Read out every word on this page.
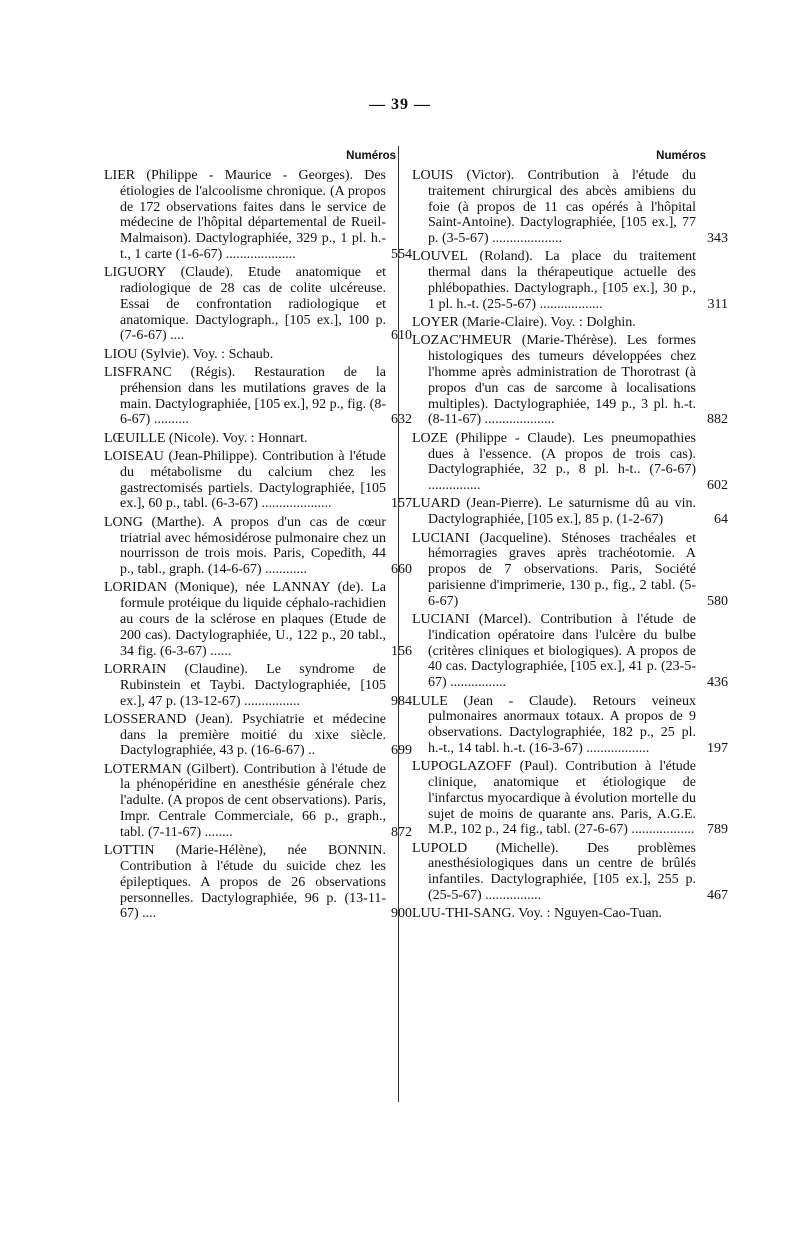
— 39 —
Numéros
LIER (Philippe - Maurice - Georges). Des étiologies de l'alcoolisme chronique. (A propos de 172 observations faites dans le service de médecine de l'hôpital départemental de Rueil-Malmaison). Dactylographiée, 329 p., 1 pl. h.-t., 1 carte (1-6-67) ....................	554
LIGUORY (Claude). Etude anatomique et radiologique de 28 cas de colite ulcéreuse. Essai de confrontation radiologique et anatomique. Dactylograph., [105 ex.], 100 p. (7-6-67) ....	610
LIOU (Sylvie). Voy. : Schaub.
LISFRANC (Régis). Restauration de la préhension dans les mutilations graves de la main. Dactylographiée, [105 ex.], 92 p., fig. (8-6-67) ..........	632
LŒUILLE (Nicole). Voy. : Honnart.
LOISEAU (Jean-Philippe). Contribution à l'étude du métabolisme du calcium chez les gastrectomisés partiels. Dactylographiée, [105 ex.], 60 p., tabl. (6-3-67) ....................	157
LONG (Marthe). A propos d'un cas de cœur triatrial avec hémosidérose pulmonaire chez un nourrisson de trois mois. Paris, Copedith, 44 p., tabl., graph. (14-6-67) ............	660
LORIDAN (Monique), née LANNAY (de). La formule protéique du liquide céphalo-rachidien au cours de la sclérose en plaques (Etude de 200 cas). Dactylographiée, U., 122 p., 20 tabl., 34 fig. (6-3-67) ......	156
LORRAIN (Claudine). Le syndrome de Rubinstein et Taybi. Dactylographiée, [105 ex.], 47 p. (13-12-67) ................	984
LOSSERAND (Jean). Psychiatrie et médecine dans la première moitié du xixe siècle. Dactylographiée, 43 p. (16-6-67) ..	699
LOTERMAN (Gilbert). Contribution à l'étude de la phénopéridine en anesthésie générale chez l'adulte. (A propos de cent observations). Paris, Impr. Centrale Commerciale, 66 p., graph., tabl. (7-11-67) ........	872
LOTTIN (Marie-Hélène), née BONNIN. Contribution à l'étude du suicide chez les épileptiques. A propos de 26 observations personnelles. Dactylographiée, 96 p. (13-11-67) ....	900
Numéros
LOUIS (Victor). Contribution à l'étude du traitement chirurgical des abcès amibiens du foie (à propos de 11 cas opérés à l'hôpital Saint-Antoine). Dactylographiée, [105 ex.], 77 p. (3-5-67) ....................	343
LOUVEL (Roland). La place du traitement thermal dans la thérapeutique actuelle des phlébopathies. Dactylograph., [105 ex.], 30 p., 1 pl. h.-t. (25-5-67) ..................	311
LOYER (Marie-Claire). Voy. : Dolghin.
LOZAC'HMEUR (Marie-Thérèse). Les formes histologiques des tumeurs développées chez l'homme après administration de Thorotrast (à propos d'un cas de sarcome à localisations multiples). Dactylographiée, 149 p., 3 pl. h.-t. (8-11-67) ....................	882
LOZE (Philippe - Claude). Les pneumopathies dues à l'essence. (A propos de trois cas). Dactylographiée, 32 p., 8 pl. h-t.. (7-6-67) ...............	602
LUARD (Jean-Pierre). Le saturnisme dû au vin. Dactylographiée, [105 ex.], 85 p. (1-2-67)	64
LUCIANI (Jacqueline). Sténoses trachéales et hémorragies graves après trachéotomie. A propos de 7 observations. Paris, Société parisienne d'imprimerie, 130 p., fig., 2 tabl. (5-6-67)	580
LUCIANI (Marcel). Contribution à l'étude de l'indication opératoire dans l'ulcère du bulbe (critères cliniques et biologiques). A propos de 40 cas. Dactylographiée, [105 ex.], 41 p. (23-5-67) ................	436
LULE (Jean - Claude). Retours veineux pulmonaires anormaux totaux. A propos de 9 observations. Dactylographiée, 182 p., 25 pl. h.-t., 14 tabl. h.-t. (16-3-67) ..................	197
LUPOGLAZOFF (Paul). Contribution à l'étude clinique, anatomique et étiologique de l'infarctus myocardique à évolution mortelle du sujet de moins de quarante ans. Paris, A.G.E. M.P., 102 p., 24 fig., tabl. (27-6-67) .................. 789
LUPOLD (Michelle). Des problèmes anesthésiologiques dans un centre de brûlés infantiles. Dactylographiée, [105 ex.], 255 p. (25-5-67) ................	467
LUU-THI-SANG. Voy. : Nguyen-Cao-Tuan.
